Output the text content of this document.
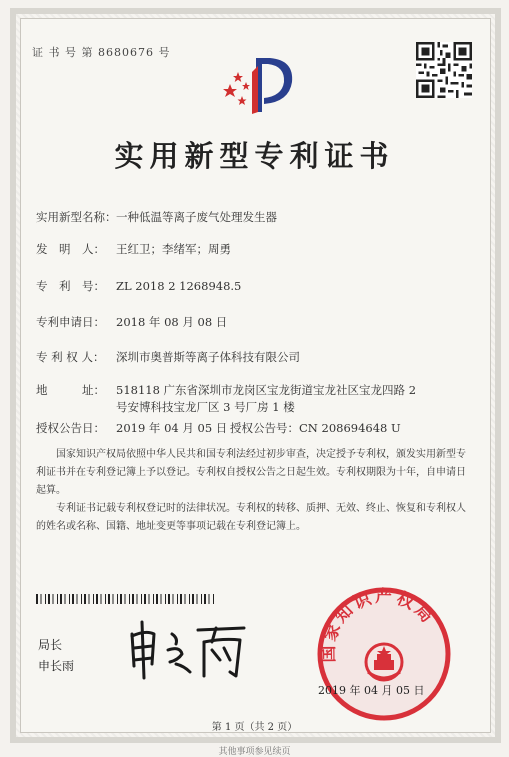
证 书 号 第 8680676 号
实用新型专利证书
实用新型名称：一种低温等离子废气处理发生器
发　明　人： 王红卫；李绪军；周勇
专　利　号： ZL 2018 2 1268948.5
专利申请日： 2018 年 08 月 08 日
专 利 权 人： 深圳市奥普斯等离子体科技有限公司
地　　　址： 518118 广东省深圳市龙岗区宝龙街道宝龙社区宝龙四路 2
号安博科技宝龙厂区 3 号厂房 1 楼
授权公告日： 2019 年 04 月 05 日 授权公告号：CN 208694648 U
国家知识产权局依照中华人民共和国专利法经过初步审查，决定授予专利权，颁发实用新型专利证书并在专利登记簿上予以登记。专利权自授权公告之日起生效。专利权期限为十年，自申请日起算。
专利证书记载专利权登记时的法律状况。专利权的转移、质押、无效、终止、恢复和专利权人的姓名或名称、国籍、地址变更等事项记载在专利登记簿上。
局长
申长雨
国家知识产权局
2019 年 04 月 05 日
第 1 页（共 2 页）
其他事项参见续页
